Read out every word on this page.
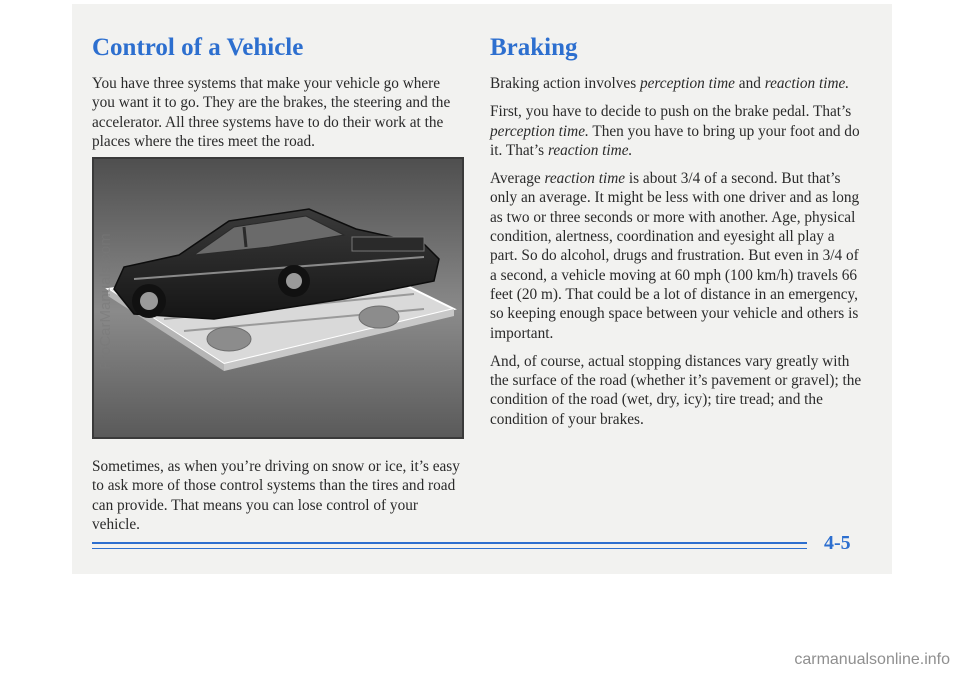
Control of a Vehicle

You have three systems that make your vehicle go where you want it to go. They are the brakes, the steering and the accelerator. All three systems have to do their work at the places where the tires meet the road.

Sometimes, as when you’re driving on snow or ice, it’s easy to ask more of those control systems than the tires and road can provide. That means you can lose control of your vehicle.

Braking

Braking action involves perception time and reaction time.

First, you have to decide to push on the brake pedal. That’s perception time. Then you have to bring up your foot and do it. That’s reaction time.

Average reaction time is about 3/4 of a second. But that’s only an average. It might be less with one driver and as long as two or three seconds or more with another. Age, physical condition, alertness, coordination and eyesight all play a part. So do alcohol, drugs and frustration. But even in 3/4 of a second, a vehicle moving at 60 mph (100 km/h) travels 66 feet (20 m). That could be a lot of distance in an emergency, so keeping enough space between your vehicle and others is important.

And, of course, actual stopping distances vary greatly with the surface of the road (whether it’s pavement or gravel); the condition of the road (wet, dry, icy); tire tread; and the condition of your brakes.

4-5
ProCarManuals.com
carmanualsonline.info
